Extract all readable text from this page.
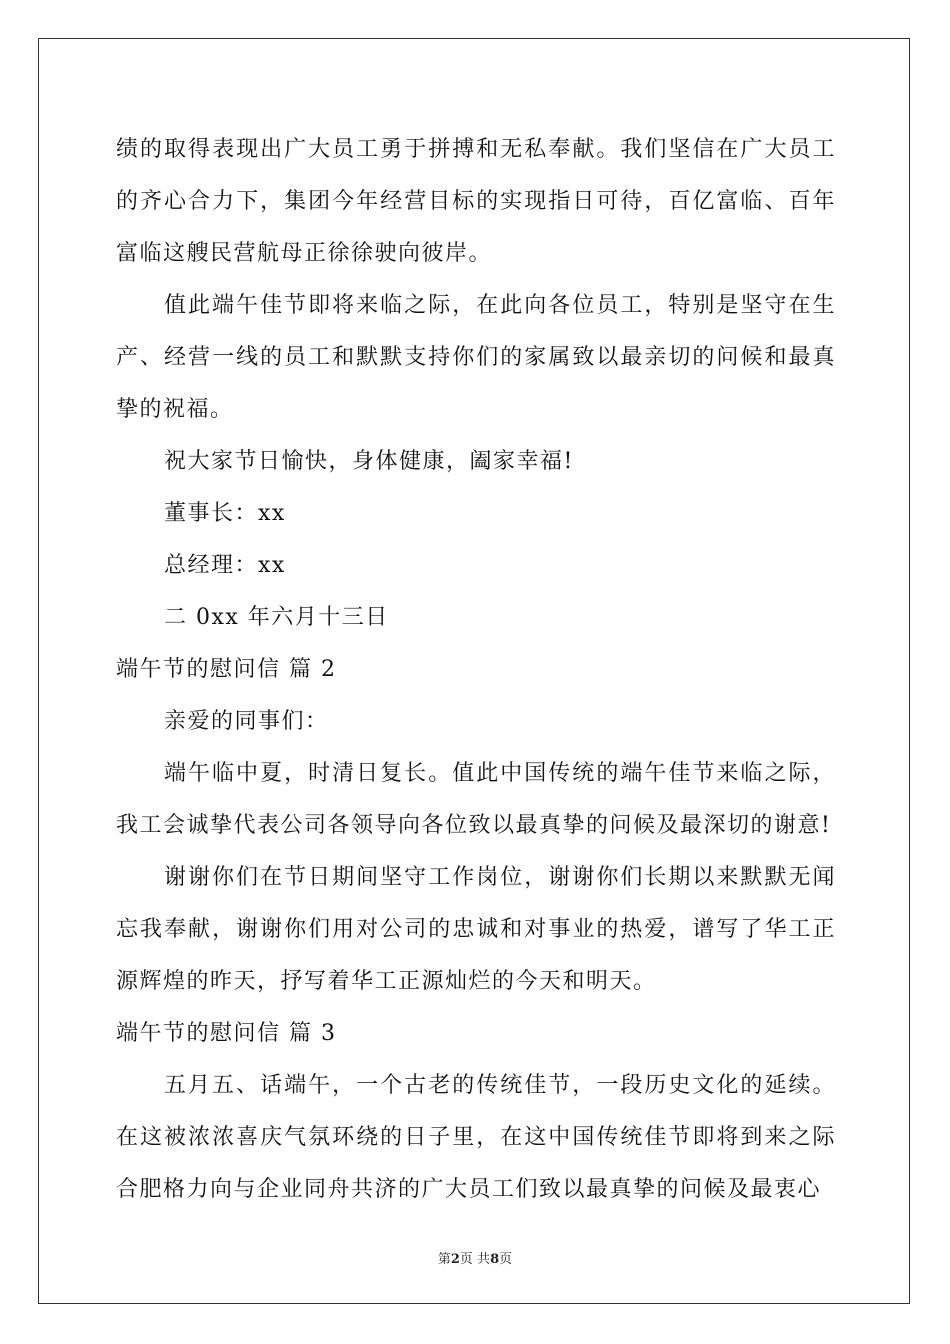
绩的取得表现出广大员工勇于拼搏和无私奉献。我们坚信在广大员工的齐心合力下，集团今年经营目标的实现指日可待，百亿富临、百年富临这艘民营航母正徐徐驶向彼岸。

值此端午佳节即将来临之际，在此向各位员工，特别是坚守在生产、经营一线的员工和默默支持你们的家属致以最亲切的问候和最真挚的祝福。

祝大家节日愉快，身体健康，阖家幸福!

董事长：xx

总经理：xx

二 0xx 年六月十三日

端午节的慰问信 篇 2

亲爱的同事们：

端午临中夏，时清日复长。值此中国传统的端午佳节来临之际，我工会诚挚代表公司各领导向各位致以最真挚的问候及最深切的谢意!

谢谢你们在节日期间坚守工作岗位，谢谢你们长期以来默默无闻忘我奉献，谢谢你们用对公司的忠诚和对事业的热爱，谱写了华工正源辉煌的昨天，抒写着华工正源灿烂的今天和明天。

端午节的慰问信 篇 3

五月五、话端午，一个古老的传统佳节，一段历史文化的延续。在这被浓浓喜庆气氛环绕的日子里，在这中国传统佳节即将到来之际合肥格力向与企业同舟共济的广大员工们致以最真挚的问候及最衷心

第2页 共8页
